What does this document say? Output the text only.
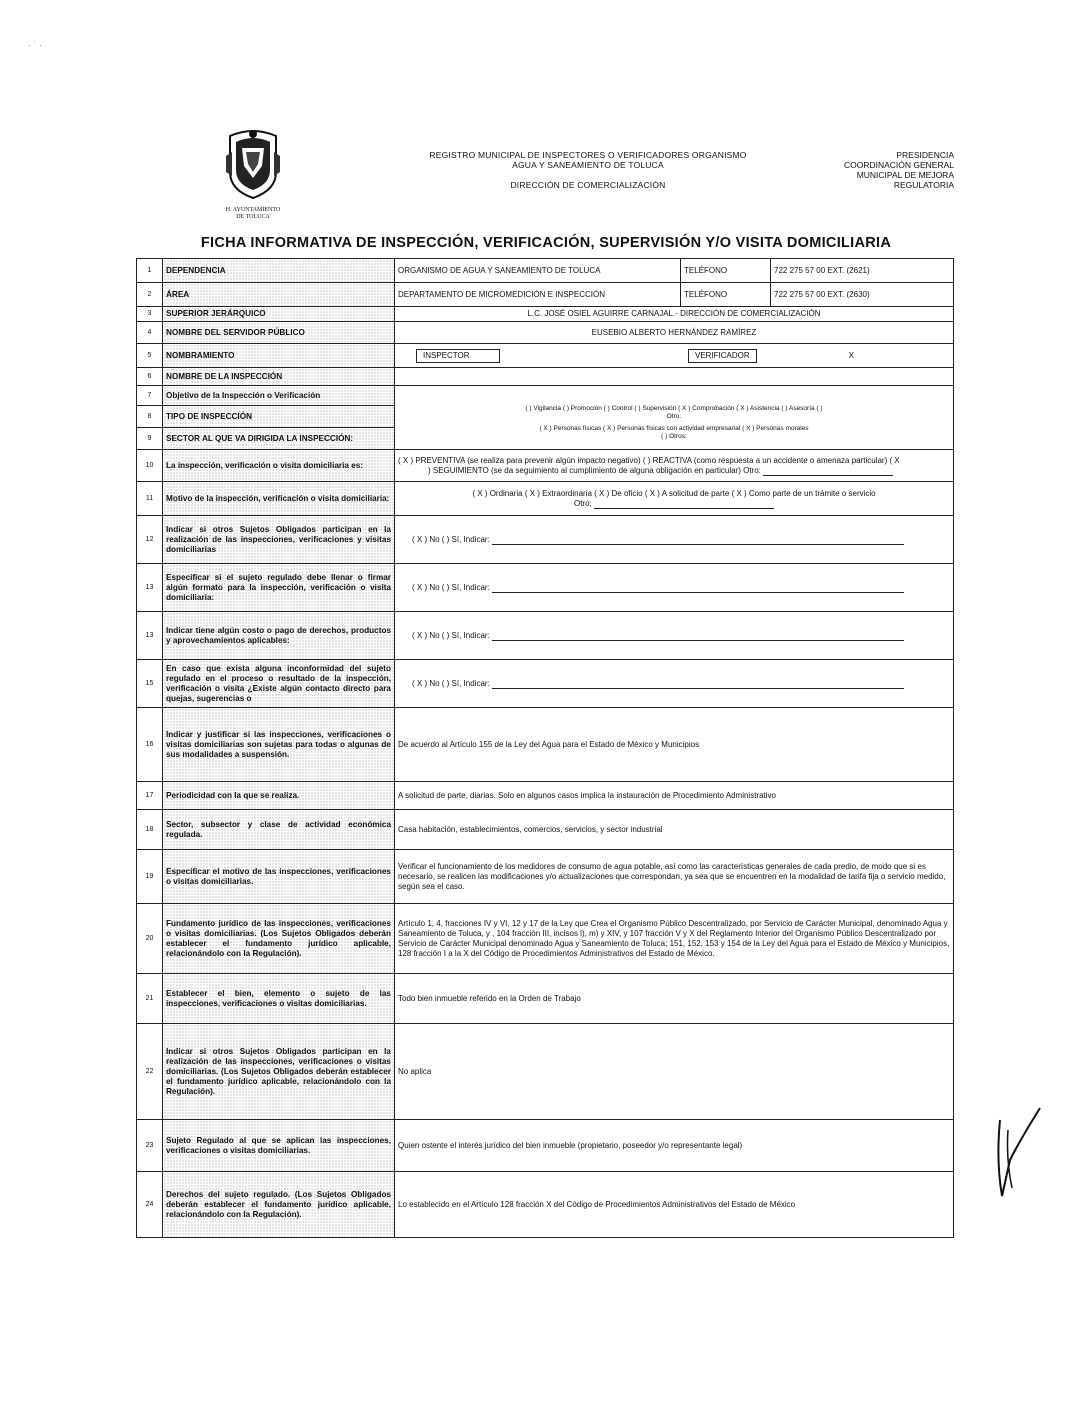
· ˙ ·
H. AYUNTAMIENTO DE TOLUCA
REGISTRO MUNICIPAL DE INSPECTORES O VERIFICADORES ORGANISMO
AGUA Y SANEAMIENTO DE TOLUCA
DIRECCIÓN DE COMERCIALIZACIÓN
PRESIDENCIA
COORDINACIÓN GENERAL
MUNICIPAL DE MEJORA
REGULATORIA
FICHA INFORMATIVA DE INSPECCIÓN, VERIFICACIÓN, SUPERVISIÓN Y/O VISITA DOMICILIARIA
1	DEPENDENCIA	ORGANISMO DE AGUA Y SANEAMIENTO DE TOLUCA	TELÉFONO	722 275 57 00 EXT. (2621)
2	ÁREA	DEPARTAMENTO DE MICROMEDICIÓN E INSPECCIÓN	TELÉFONO	722 275 57 00 EXT. (2630)
3	SUPERIOR JERÁRQUICO	L.C. JOSÉ OSIEL AGUIRRE CARNAJAL.- DIRECCIÓN DE COMERCIALIZACIÓN		
4	NOMBRE DEL SERVIDOR PÚBLICO	EUSEBIO ALBERTO HERNÁNDEZ RAMÍREZ		
5	NOMBRAMIENTO	INSPECTOR VERIFICADOR X		

6	NOMBRE DE LA INSPECCIÓN			
7	Objetivo de la Inspección o Verificación	( ) Vigilancia ( ) Promoción ( ) Control ( ) Supervisión ( X ) Comprobación ( X ) Asistencia ( ) Asesoría ( )
Otro:
( X ) Personas físicas ( X ) Personas físicas con actividad empresarial ( X ) Personas morales
( ) Otros:		

8	TIPO DE INSPECCIÓN			
9	SECTOR AL QUE VA DIRIGIDA LA INSPECCIÓN:			
10	La inspección, verificación o visita domiciliaria es:	( X ) PREVENTIVA (se realiza para prevenir algún impacto negativo) ( ) REACTIVA (como respuesta a un accidente o amenaza particular) ( X
) SEGUIMIENTO (se da seguimiento al cumplimiento de alguna obligación en particular) Otro:		

11	Motivo de la inspección, verificación o visita domiciliaria:	( X ) Ordinaria ( X ) Extraordinaria ( X ) De oficio ( X ) A solicitud de parte ( X ) Como parte de un trámite o servicio
Otro:		

12	Indicar si otros Sujetos Obligados participan en la realización de las inspecciones, verificaciones y visitas domiciliarias	( X ) No ( ) Sí, Indicar:		
13	Especificar si el sujeto regulado debe llenar o firmar algún formato para la inspección, verificación o visita domiciliaria:	( X ) No ( ) Sí, Indicar:		
13	Indicar tiene algún costo o pago de derechos, productos y aprovechamientos aplicables:	( X ) No ( ) Sí, Indicar:		
15	En caso que exista alguna inconformidad del sujeto regulado en el proceso o resultado de la inspección, verificación o visita ¿Existe algún contacto directo para quejas, sugerencias o	( X ) No ( ) Sí, Indicar:		
16	Indicar y justificar si las inspecciones, verificaciones o visitas domiciliarias son sujetas para todas o algunas de sus modalidades a suspensión.	De acuerdo al Artículo 155 de la Ley del Agua para el Estado de México y Municipios		
17	Periodicidad con la que se realiza.	A solicitud de parte, diarias. Solo en algunos casos implica la instauración de Procedimiento Administrativo		
18	Sector, subsector y clase de actividad económica regulada.	Casa habitación, establecimientos, comercios, servicios, y sector industrial		
19	Especificar el motivo de las inspecciones, verificaciones o visitas domiciliarias.	Verificar el funcionamiento de los medidores de consumo de agua potable, así como las características generales de cada predio, de modo que si es necesario, se realicen las modificaciones y/o actualizaciones que correspondan, ya sea que se encuentren en la modalidad de tarifa fija o servicio medido, según sea el caso.		
20	Fundamento jurídico de las inspecciones, verificaciones o visitas domiciliarias. (Los Sujetos Obligados deberán establecer el fundamento jurídico aplicable, relacionándolo con la Regulación).	Artículo 1, 4, fracciones IV y VI, 12 y 17 de la Ley que Crea el Organismo Público Descentralizado, por Servicio de Carácter Municipal, denominado Agua y Saneamiento de Toluca, y , 104 fracción III, incisos l), m) y XIV, y 107 fracción V y X del Reglamento Interior del Organismo Público Descentralizado por Servicio de Carácter Municipal denominado Agua y Saneamiento de Toluca; 151, 152, 153 y 154 de la Ley del Agua para el Estado de México y Municipios, 128 fracción I a la X del Código de Procedimientos Administrativos del Estado de México.		
21	Establecer el bien, elemento o sujeto de las inspecciones, verificaciones o visitas domiciliarias.	Todo bien inmueble referido en la Orden de Trabajo		
22	Indicar si otros Sujetos Obligados participan en la realización de las inspecciones, verificaciones o visitas domiciliarias. (Los Sujetos Obligados deberán establecer el fundamento jurídico aplicable, relacionándolo con la Regulación).	No aplica		
23	Sujeto Regulado al que se aplican las inspecciones, verificaciones o visitas domiciliarias.	Quien ostente el interés jurídico del bien inmueble (propietario, poseedor y/o representante legal)		
24	Derechos del sujeto regulado. (Los Sujetos Obligados deberán establecer el fundamento jurídico aplicable, relacionándolo con la Regulación).	Lo establecido en el Artículo 128 fracción X del Código de Procedimientos Administrativos del Estado de México		
